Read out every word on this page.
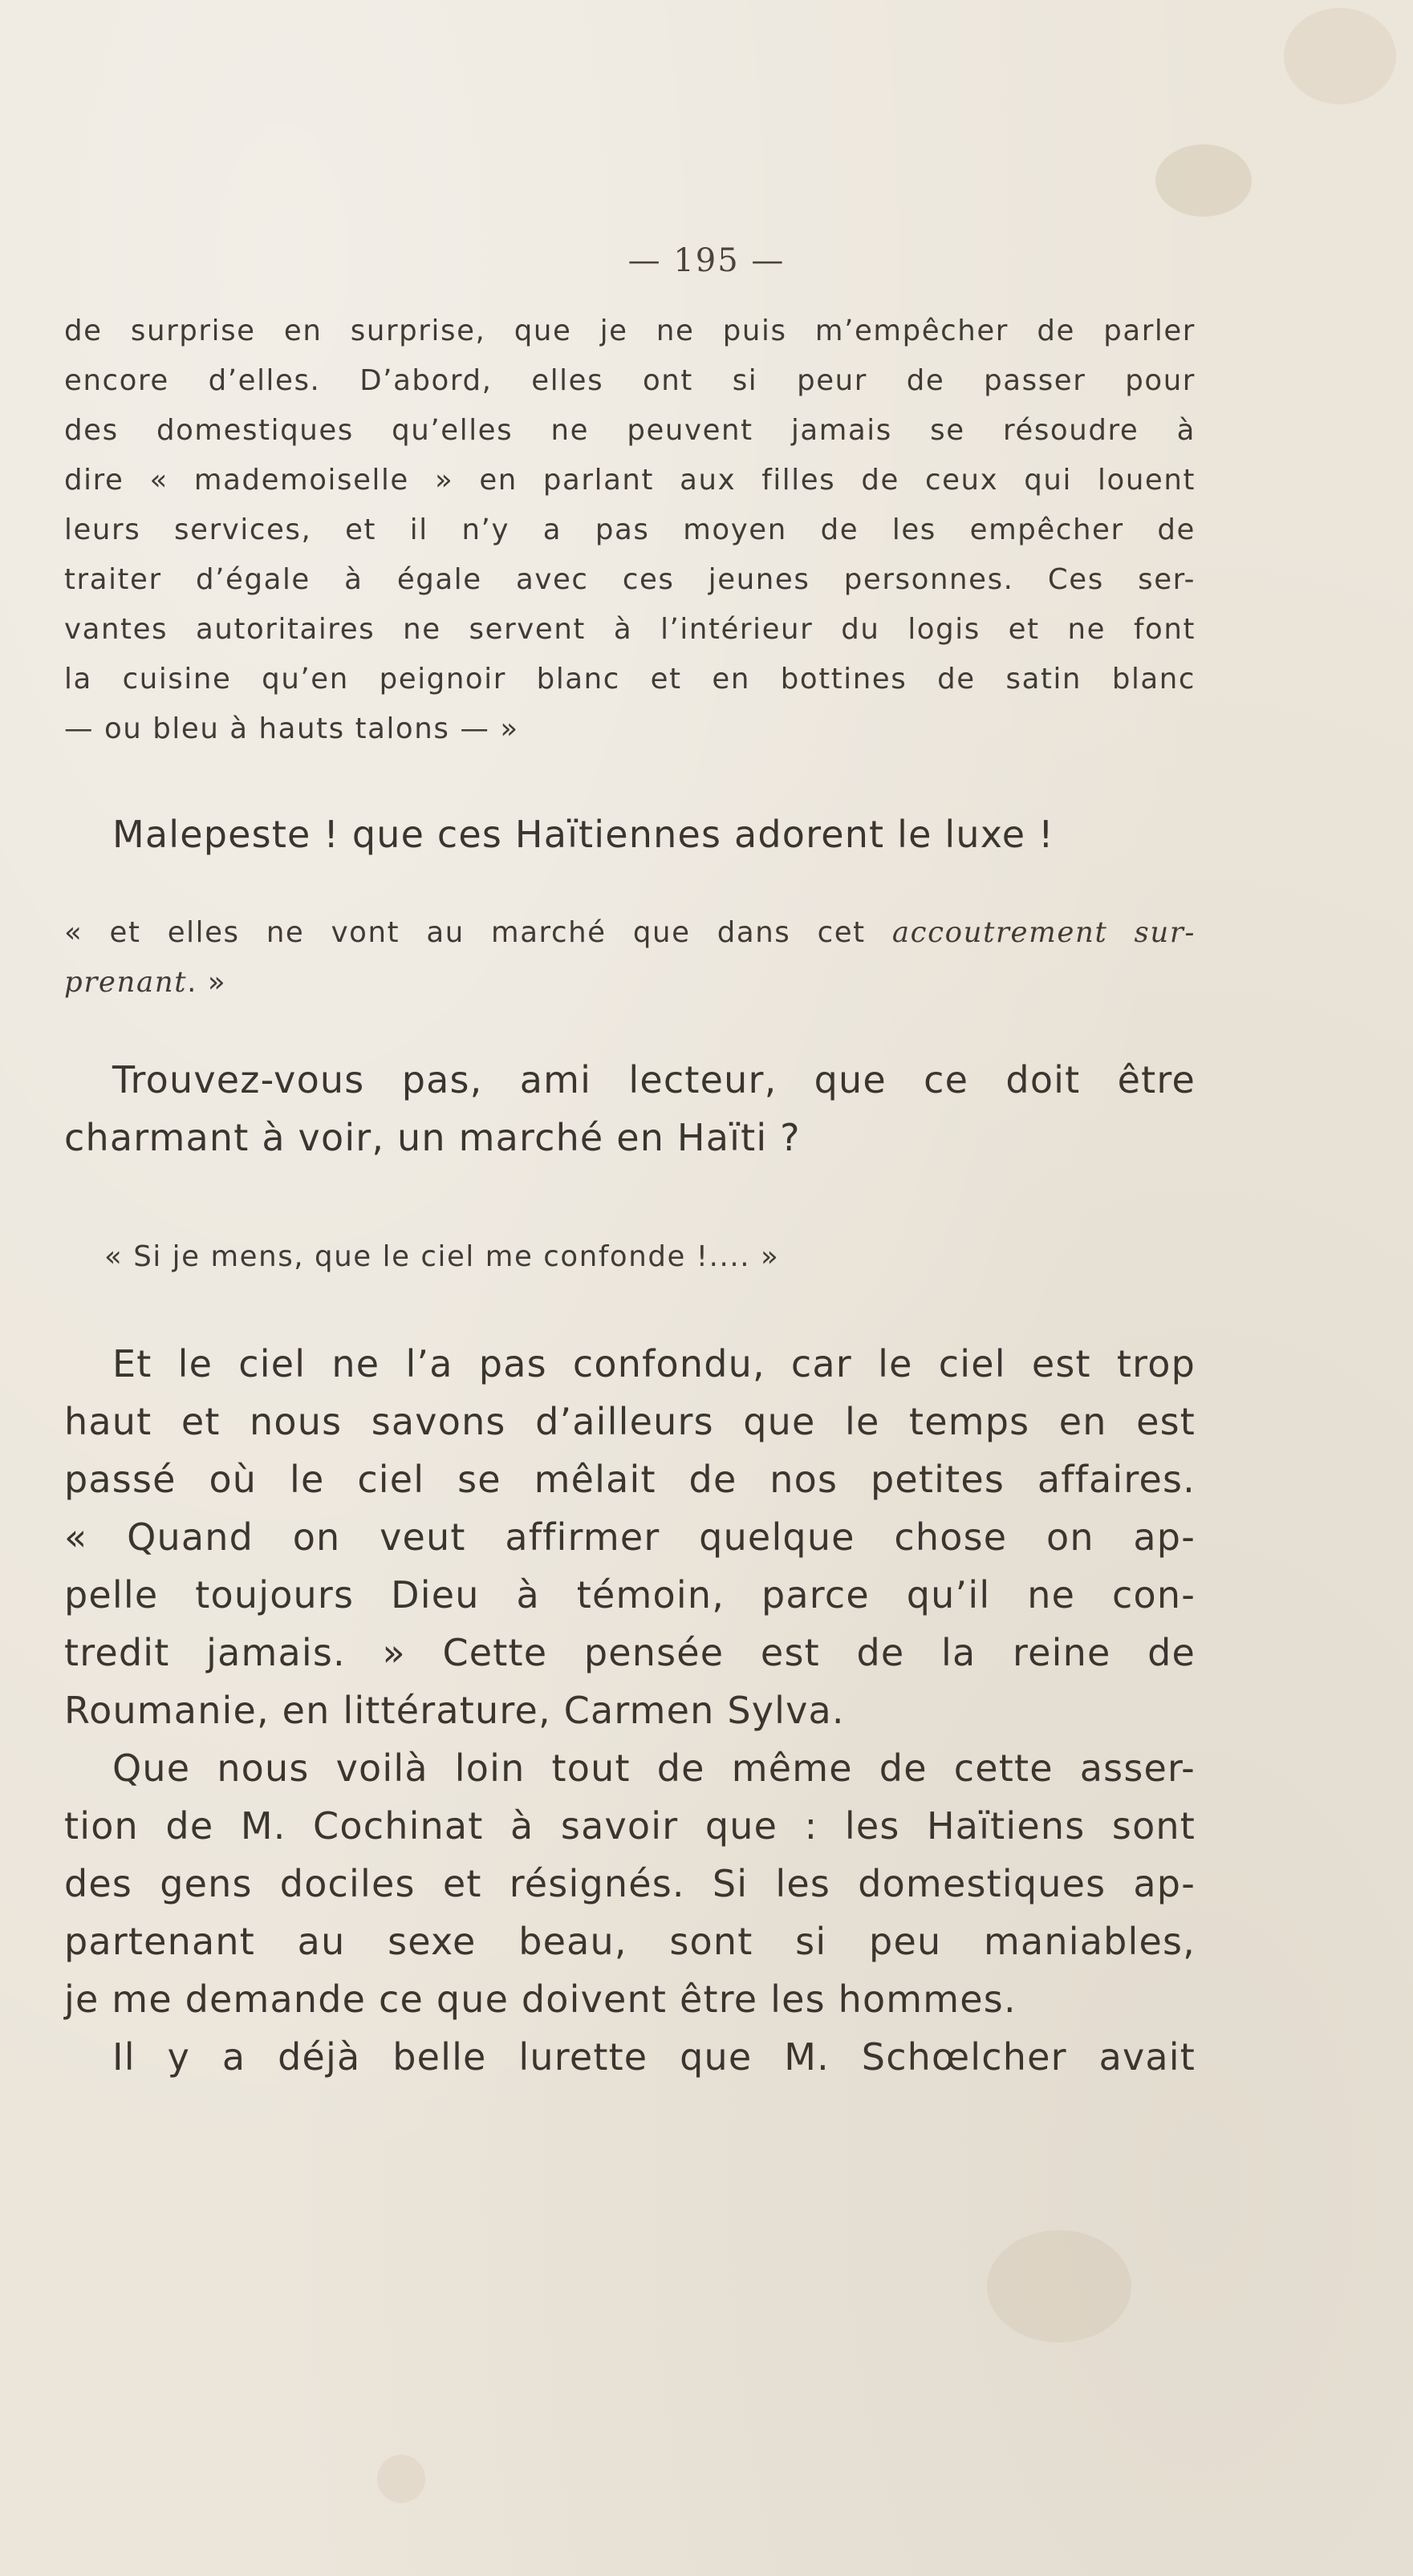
— 195 —
de surprise en surprise, que je ne puis m’empêcher de parler
encore d’elles. D’abord, elles ont si peur de passer pour
des domestiques qu’elles ne peuvent jamais se résoudre à
dire « mademoiselle » en parlant aux filles de ceux qui louent
leurs services, et il n’y a pas moyen de les empêcher de
traiter d’égale à égale avec ces jeunes personnes. Ces ser-
vantes autoritaires ne servent à l’intérieur du logis et ne font
la cuisine qu’en peignoir blanc et en bottines de satin blanc
— ou bleu à hauts talons — »
Malepeste ! que ces Haïtiennes adorent le luxe !
« et elles ne vont au marché que dans cet accoutrement sur-
prenant. »
Trouvez-vous pas, ami lecteur, que ce doit être
charmant à voir, un marché en Haïti ?
« Si je mens, que le ciel me confonde !.... »
Et le ciel ne l’a pas confondu, car le ciel est trop
haut et nous savons d’ailleurs que le temps en est
passé où le ciel se mêlait de nos petites affaires.
« Quand on veut affirmer quelque chose on ap-
pelle toujours Dieu à témoin, parce qu’il ne con-
tredit jamais. » Cette pensée est de la reine de
Roumanie, en littérature, Carmen Sylva.
Que nous voilà loin tout de même de cette asser-
tion de M. Cochinat à savoir que : les Haïtiens sont
des gens dociles et résignés. Si les domestiques ap-
partenant au sexe beau, sont si peu maniables,
je me demande ce que doivent être les hommes.
Il y a déjà belle lurette que M. Schœlcher avait
